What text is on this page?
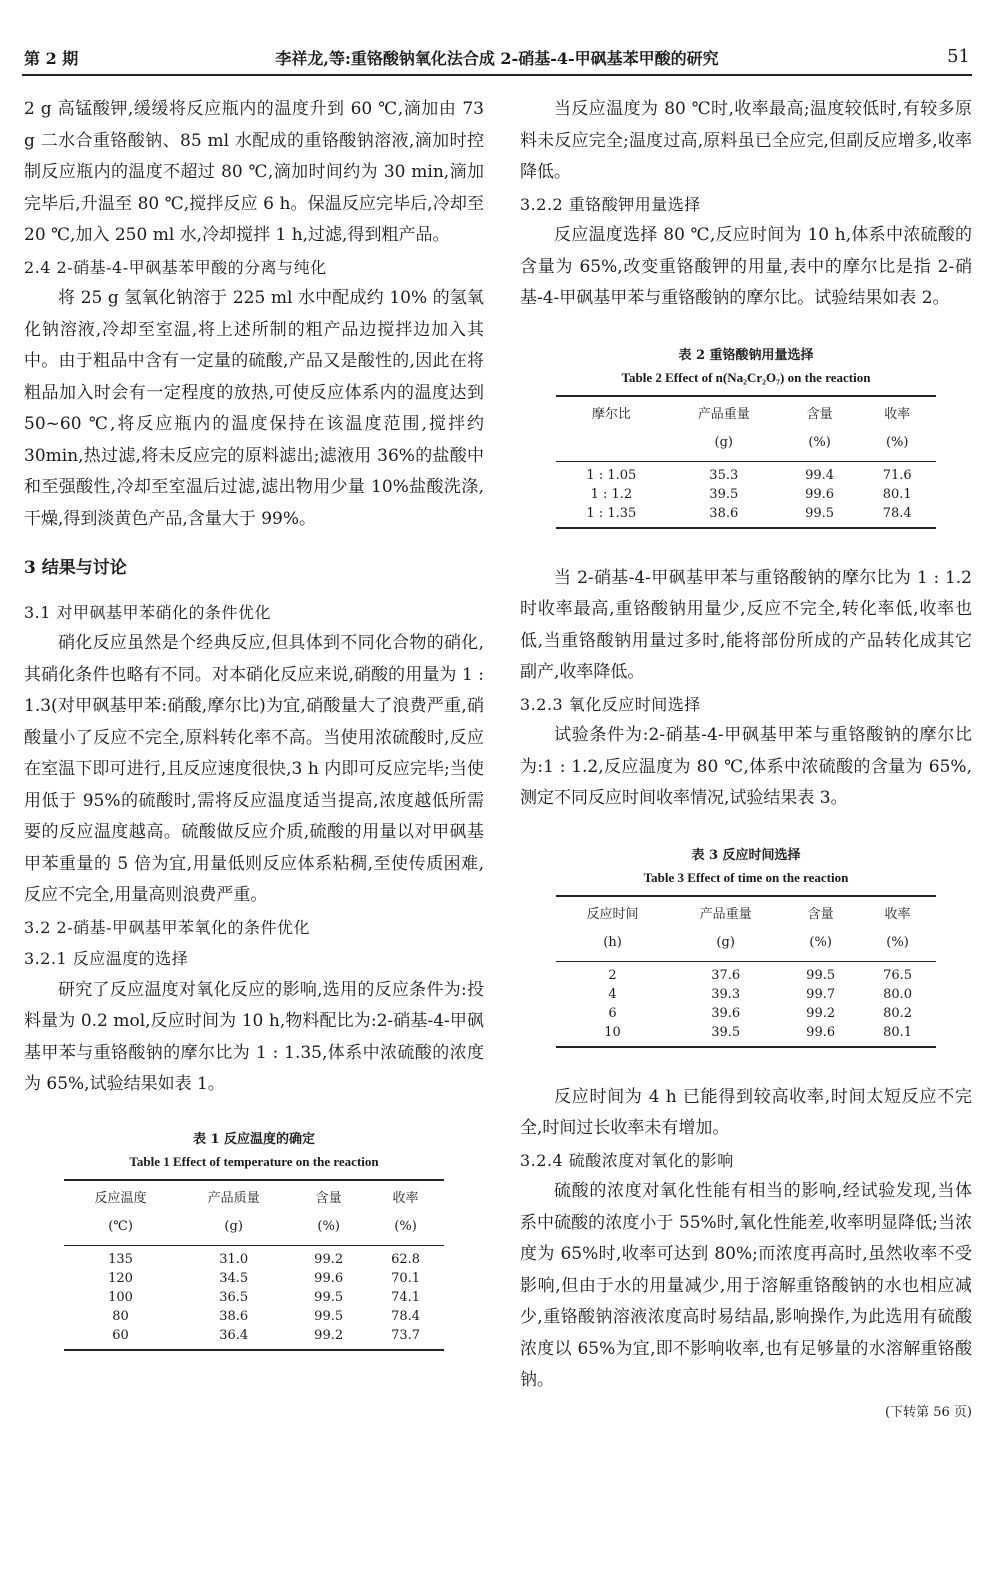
第 2 期	李祥龙,等:重铬酸钠氧化法合成 2-硝基-4-甲砜基苯甲酸的研究	51
2 g 高锰酸钾,缓缓将反应瓶内的温度升到 60 ℃,滴加由 73 g 二水合重铬酸钠、85 ml 水配成的重铬酸钠溶液,滴加时控制反应瓶内的温度不超过 80 ℃,滴加时间约为 30 min,滴加完毕后,升温至 80 ℃,搅拌反应 6 h。保温反应完毕后,冷却至 20 ℃,加入 250 ml 水,冷却搅拌 1 h,过滤,得到粗产品。
2.4 2-硝基-4-甲砜基苯甲酸的分离与纯化
将 25 g 氢氧化钠溶于 225 ml 水中配成约 10% 的氢氧化钠溶液,冷却至室温,将上述所制的粗产品边搅拌边加入其中。由于粗品中含有一定量的硫酸,产品又是酸性的,因此在将粗品加入时会有一定程度的放热,可使反应体系内的温度达到 50~60 ℃,将反应瓶内的温度保持在该温度范围,搅拌约 30min,热过滤,将未反应完的原料滤出;滤液用 36%的盐酸中和至强酸性,冷却至室温后过滤,滤出物用少量 10%盐酸洗涤,干燥,得到淡黄色产品,含量大于 99%。
3 结果与讨论
3.1 对甲砜基甲苯硝化的条件优化
硝化反应虽然是个经典反应,但具体到不同化合物的硝化,其硝化条件也略有不同。对本硝化反应来说,硝酸的用量为 1 : 1.3(对甲砜基甲苯:硝酸,摩尔比)为宜,硝酸量大了浪费严重,硝酸量小了反应不完全,原料转化率不高。当使用浓硫酸时,反应在室温下即可进行,且反应速度很快,3 h 内即可反应完毕;当使用低于 95%的硫酸时,需将反应温度适当提高,浓度越低所需要的反应温度越高。硫酸做反应介质,硫酸的用量以对甲砜基甲苯重量的 5 倍为宜,用量低则反应体系粘稠,至使传质困难,反应不完全,用量高则浪费严重。
3.2 2-硝基-甲砜基甲苯氧化的条件优化
3.2.1 反应温度的选择
研究了反应温度对氧化反应的影响,选用的反应条件为:投料量为 0.2 mol,反应时间为 10 h,物料配比为:2-硝基-4-甲砜基甲苯与重铬酸钠的摩尔比为 1 : 1.35,体系中浓硫酸的浓度为 65%,试验结果如表 1。
表 1 反应温度的确定
Table 1 Effect of temperature on the reaction
反应温度	产品质量	含量	收率
(℃)	(g)	(%)	(%)
135	31.0	99.2	62.8
120	34.5	99.6	70.1
100	36.5	99.5	74.1
80	38.6	99.5	78.4
60	36.4	99.2	73.7
当反应温度为 80 ℃时,收率最高;温度较低时,有较多原料未反应完全;温度过高,原料虽已全应完,但副反应增多,收率降低。
3.2.2 重铬酸钾用量选择
反应温度选择 80 ℃,反应时间为 10 h,体系中浓硫酸的含量为 65%,改变重铬酸钾的用量,表中的摩尔比是指 2-硝基-4-甲砜基甲苯与重铬酸钠的摩尔比。试验结果如表 2。
表 2 重铬酸钠用量选择
Table 2 Effect of n(Na₂Cr₂O₇) on the reaction
摩尔比	产品重量	含量	收率
	(g)	(%)	(%)
1 : 1.05	35.3	99.4	71.6
1 : 1.2	39.5	99.6	80.1
1 : 1.35	38.6	99.5	78.4
当 2-硝基-4-甲砜基甲苯与重铬酸钠的摩尔比为 1 : 1.2 时收率最高,重铬酸钠用量少,反应不完全,转化率低,收率也低,当重铬酸钠用量过多时,能将部份所成的产品转化成其它副产,收率降低。
3.2.3 氧化反应时间选择
试验条件为:2-硝基-4-甲砜基甲苯与重铬酸钠的摩尔比为:1 : 1.2,反应温度为 80 ℃,体系中浓硫酸的含量为 65%,测定不同反应时间收率情况,试验结果表 3。
表 3 反应时间选择
Table 3 Effect of time on the reaction
反应时间	产品重量	含量	收率
(h)	(g)	(%)	(%)
2	37.6	99.5	76.5
4	39.3	99.7	80.0
6	39.6	99.2	80.2
10	39.5	99.6	80.1
反应时间为 4 h 已能得到较高收率,时间太短反应不完全,时间过长收率未有增加。
3.2.4 硫酸浓度对氧化的影响
硫酸的浓度对氧化性能有相当的影响,经试验发现,当体系中硫酸的浓度小于 55%时,氧化性能差,收率明显降低;当浓度为 65%时,收率可达到 80%;而浓度再高时,虽然收率不受影响,但由于水的用量减少,用于溶解重铬酸钠的水也相应减少,重铬酸钠溶液浓度高时易结晶,影响操作,为此选用有硫酸浓度以 65%为宜,即不影响收率,也有足够量的水溶解重铬酸钠。
(下转第 56 页)
